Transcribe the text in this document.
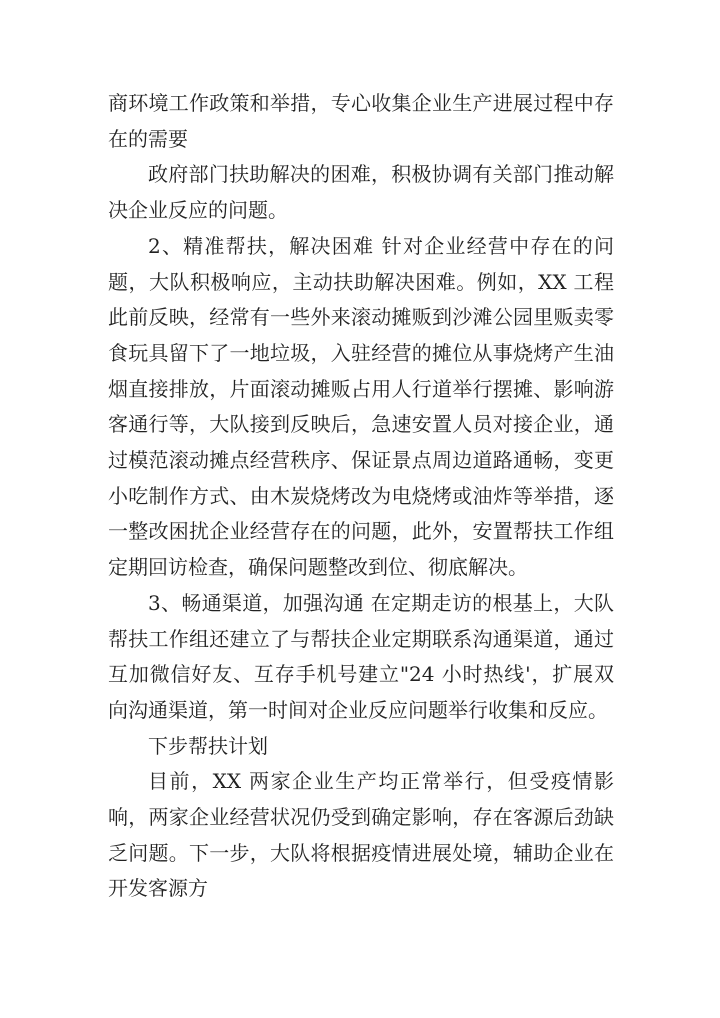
商环境工作政策和举措，专心收集企业生产进展过程中存在的需要

政府部门扶助解决的困难，积极协调有关部门推动解决企业反应的问题。

2、精准帮扶，解决困难 针对企业经营中存在的问题，大队积极响应，主动扶助解决困难。例如，XX 工程此前反映，经常有一些外来滚动摊贩到沙滩公园里贩卖零食玩具留下了一地垃圾，入驻经营的摊位从事烧烤产生油烟直接排放，片面滚动摊贩占用人行道举行摆摊、影响游客通行等，大队接到反映后，急速安置人员对接企业，通过模范滚动摊点经营秩序、保证景点周边道路通畅，变更小吃制作方式、由木炭烧烤改为电烧烤或油炸等举措，逐一整改困扰企业经营存在的问题，此外，安置帮扶工作组定期回访检查，确保问题整改到位、彻底解决。

3、畅通渠道，加强沟通 在定期走访的根基上，大队帮扶工作组还建立了与帮扶企业定期联系沟通渠道，通过互加微信好友、互存手机号建立"24 小时热线'，扩展双向沟通渠道，第一时间对企业反应问题举行收集和反应。

下步帮扶计划

目前，XX 两家企业生产均正常举行，但受疫情影响，两家企业经营状况仍受到确定影响，存在客源后劲缺乏问题。下一步，大队将根据疫情进展处境，辅助企业在开发客源方
